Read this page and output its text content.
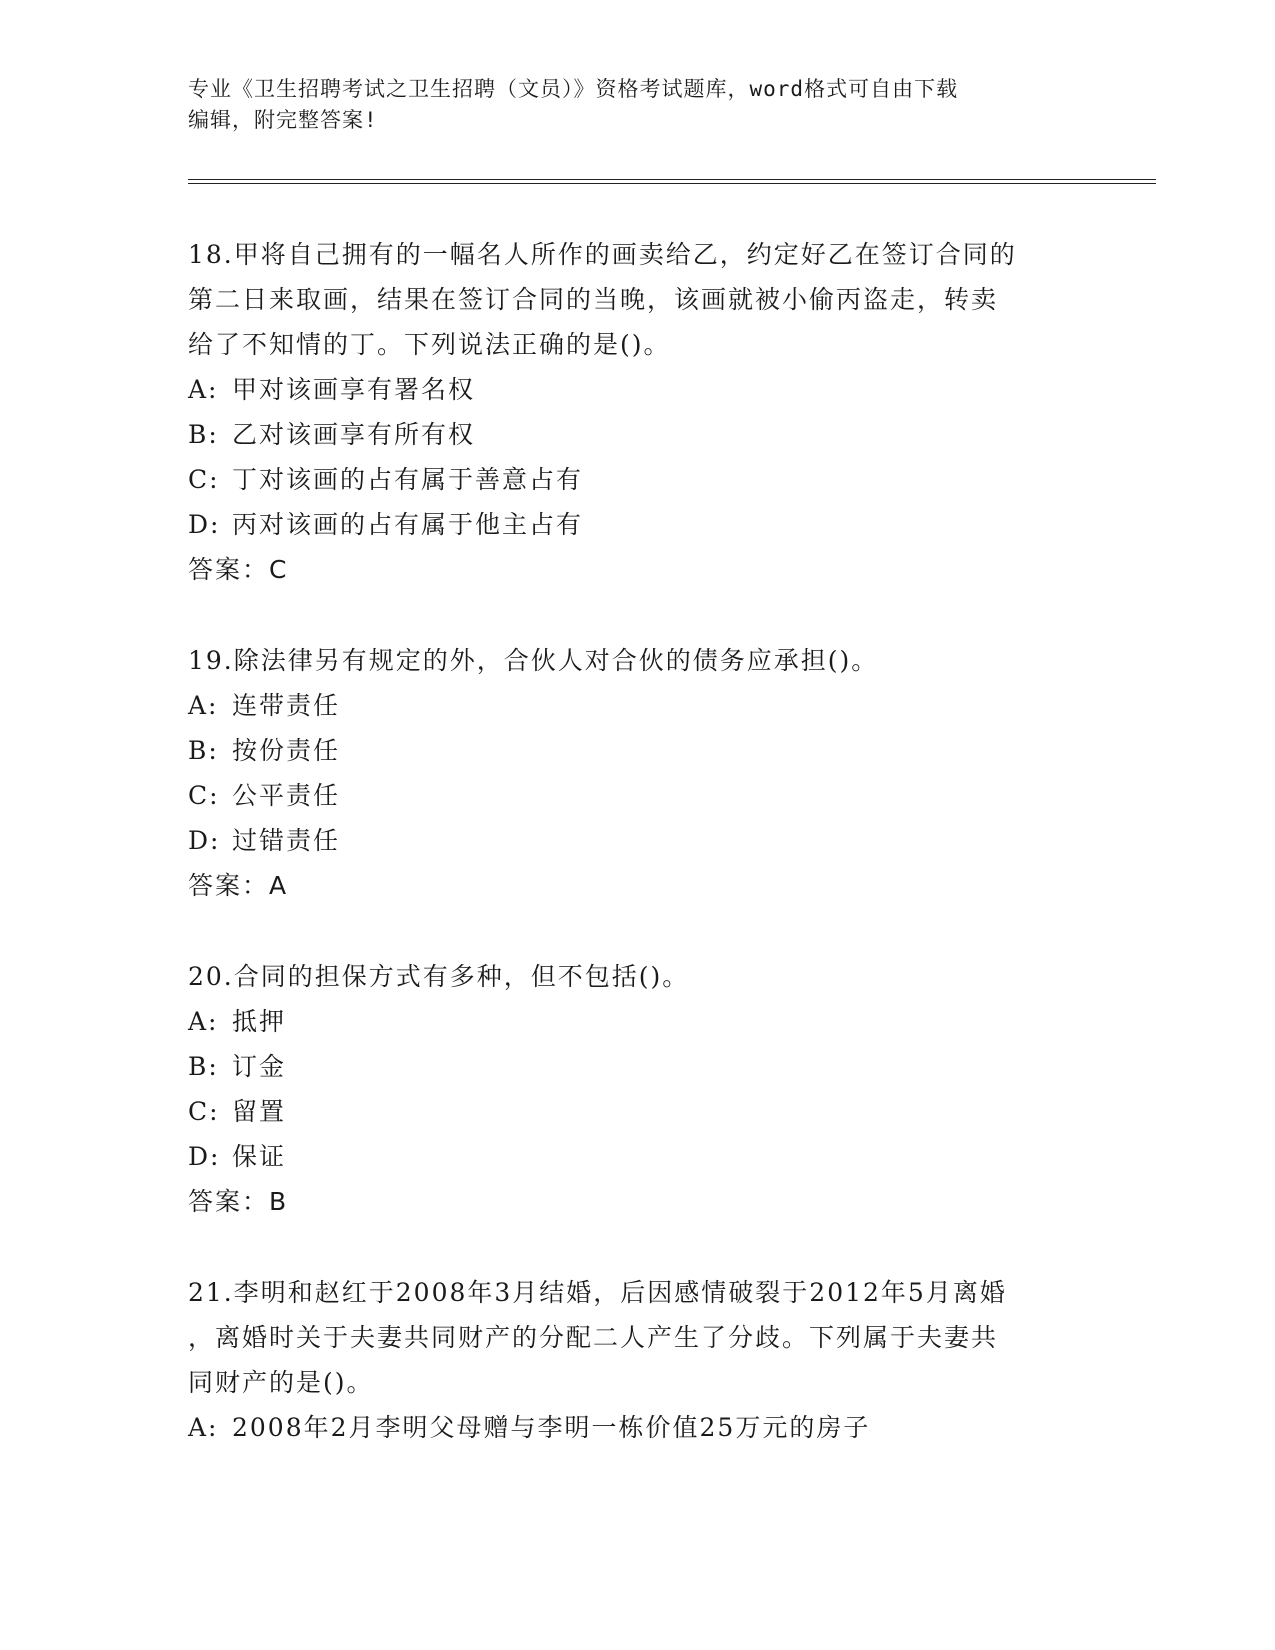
专业《卫生招聘考试之卫生招聘（文员）》资格考试题库，word格式可自由下载
编辑，附完整答案!
18.甲将自己拥有的一幅名人所作的画卖给乙，约定好乙在签订合同的
第二日来取画，结果在签订合同的当晚，该画就被小偷丙盗走，转卖
给了不知情的丁。下列说法正确的是()。
A: 甲对该画享有署名权
B: 乙对该画享有所有权
C: 丁对该画的占有属于善意占有
D: 丙对该画的占有属于他主占有
答案：C
19.除法律另有规定的外，合伙人对合伙的债务应承担()。
A: 连带责任
B: 按份责任
C: 公平责任
D: 过错责任
答案：A
20.合同的担保方式有多种，但不包括()。
A: 抵押
B: 订金
C: 留置
D: 保证
答案：B
21.李明和赵红于2008年3月结婚，后因感情破裂于2012年5月离婚
，离婚时关于夫妻共同财产的分配二人产生了分歧。下列属于夫妻共
同财产的是()。
A: 2008年2月李明父母赠与李明一栋价值25万元的房子
